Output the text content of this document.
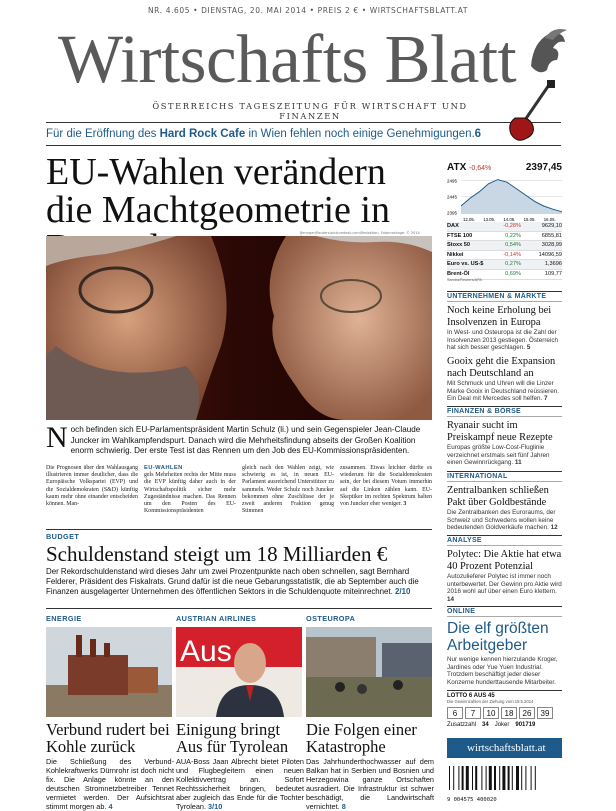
NR. 4.605 • DIENSTAG, 20. MAI 2014 • PREIS 2 € • WIRTSCHAFTSBLATT.AT
Wirtschafts Blatt
ÖSTERREICHS TAGESZEITUNG FÜR WIRTSCHAFT UND FINANZEN
Für die Eröffnung des Hard Rock Cafe in Wien fehlen noch einige Genehmigungen. 6
EU-Wahlen verändern die Machtgeometrie in
Beringer/Reuters/picturedesk.com/Redaktion, Fotomontage: © 2014
N och befinden sich EU-Parlamentspräsident Martin Schulz (li.) und sein Gegenspieler Jean-Claude Juncker im Wahlkampfendspurt. Danach wird die Mehrheitsfindung abseits der Großen Koalition enorm schwierig. Der erste Test ist das Rennen um den Job des EU-Kommissionspräsidenten.
Die Prognosen über den Wahlausgang illustrieren immer deutlicher, dass die Europäische Volkspartei (EVP) und die Sozialdemokraten (S&D) künftig kaum mehr ohne einander entscheiden können. Man-
EU-WAHLEN
gels Mehrheiten rechts der Mitte muss die EVP künftig daher auch in der Wirtschaftspolitik sicher mehr Zugeständnisse machen. Das Rennen um den Posten des EU-Kommissionspräsidenten
gleich nach den Wahlen zeigt, wie schwierig es ist, in neuen EU-Parlament ausreichend Unterstützer zu sammeln. Weder Schulz noch Juncker bekommen ohne Zuschlüsse der je zweit anderen Fraktion genug Stimmen
zusammen. Etwas leichter dürfte es wiederum für die Sozialdemokraten sein, der bei diesem Votum immerhin auf die Linken zählen kann. EU-Skeptiker im rechten Spektrum halten von Juncker eher weniger. 3
BUDGET
Schuldenstand steigt um 18 Milliarden €
Der Rekordschuldenstand wird dieses Jahr um zwei Prozentpunkte nach oben schnellen, sagt Bernhard Felderer, Präsident des Fiskalrats. Grund dafür ist die neue Gebarungsstatistik, die ab September auch die Finanzen ausgelagerter Unternehmen des öffentlichen Sektors in die Schuldenquote miteinrechnet. 2/10
ENERGIE
Verbund rudert bei Kohle zurück
Die Schließung des Verbund-Kohlekraftwerks Dürnrohr ist doch nicht fix. Die Anlage könnte an den deutschen Stromnetzbetreiber Tennet vermietet werden. Der Aufsichtsrat stimmt morgen ab. 4
AUSTRIAN AIRLINES
Aus
Einigung bringt Aus für Tyrolean
AUA-Boss Jaan Albrecht bietet Piloten und Flugbegleitern einen neuen Kollektivvertrag an. Sofort Rechtssicherheit bringen, bedeutet aber zugleich das Ende für die Tochter Tyrolean. 3/10
OSTEUROPA
Die Folgen einer Katastrophe
Das Jahrhunderthochwasser auf dem Balkan hat in Serbien und Bosnien und Herzegowina ganze Ortschaften ausradiert. Die Infrastruktur ist schwer beschädigt, die Landwirtschaft vernichtet. 8
ATX -0,64%	2397,45
2495
2445
2395
12.05. 13.05. 14.05. 15.05. 16.05.
DAX	-0,28%	9629,10
FTSE 100	0,22%	6855,81
Stoxx 50	0,54%	3028,99
Nikkei	-0,14%	14096,59
Euro vs. US-$	0,27%	1,3696
Brent-Öl	0,69%	109,77
Sandra/Reuters/APA
UNTERNEHMEN & MÄRKTE
Noch keine Erholung bei Insolvenzen in Europa
In West- und Osteuropa ist die Zahl der Insolvenzen 2013 gestiegen. Österreich hat sich besser geschlagen. 5
Gooix geht die Expansion nach Deutschland an
Mit Schmuck und Uhren will die Linzer Marke Gooix in Deutschland reüssieren. Ein Deal mit Mercedes soll helfen. 7
FINANZEN & BÖRSE
Ryanair sucht im Preiskampf neue Rezepte
Europas größte Low-Cost-Fluglinie verzeichnet erstmals seit fünf Jahren einen Gewinnrückgang. 11
INTERNATIONAL
Zentralbanken schließen Pakt über Goldbestände
Die Zentralbanken des Euroraums, der Schweiz und Schwedens wollen keine bedeutenden Goldverkäufe machen. 12
ANALYSE
Polytec: Die Aktie hat etwa 40 Prozent Potenzial
Autozulieferer Polytec ist immer noch unterbewertet. Der Gewinn pro Aktie wird 2016 wohl auf über einen Euro klettern. 14
ONLINE
Die elf größten Arbeitgeber
Nur wenige kennen hierzulande Kroger, Jardines oder Yue Yuen Industrial. Trotzdem beschäftigt jeder dieser Konzerne hunderttausende Mitarbeiter.
LOTTO 6 AUS 45
Die Gewinnzahlen der Ziehung vom 18.5.2014
6	7	10	18	26	39
Zusatzzahl 34 Joker 901719
wirtschaftsblatt.at
9 004575 400020
